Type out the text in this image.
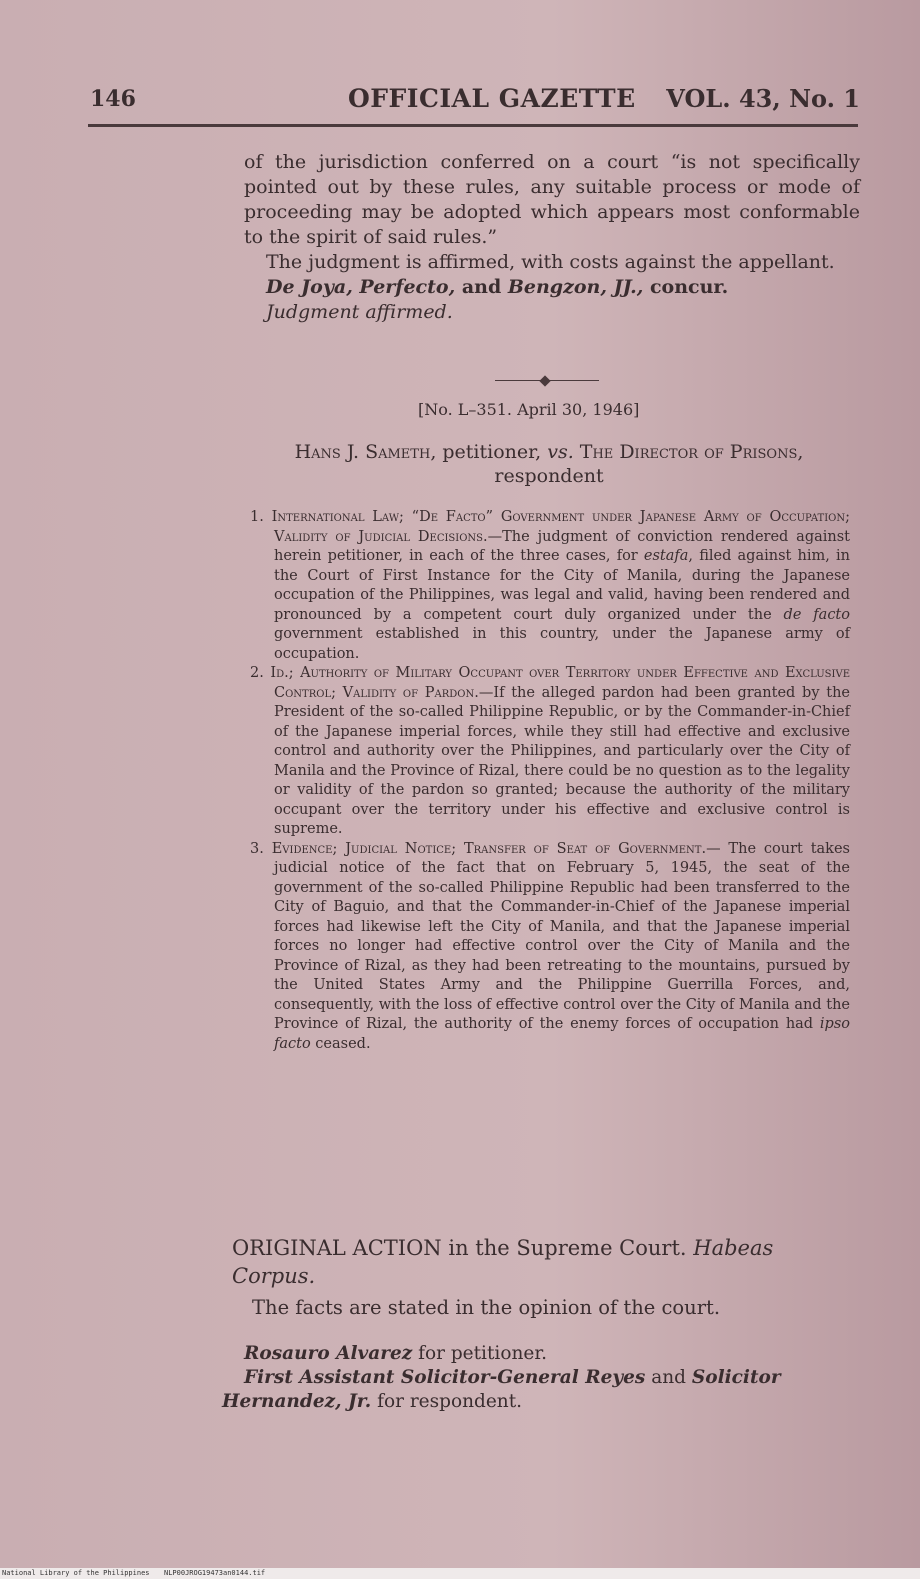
146	OFFICIAL GAZETTE VOL. 43, No. 1

of the jurisdiction conferred on a court “is not specifically pointed out by these rules, any suitable process or mode of proceeding may be adopted which appears most conformable to the spirit of said rules.”

The judgment is affirmed, with costs against the appellant.

De Joya, Perfecto, and Bengzon, JJ., concur.

Judgment affirmed.

[No. L–351. April 30, 1946]
Hans J. Sameth, petitioner, vs. The Director of Prisons, respondent

1. International Law; “De Facto” Government under Japanese Army of Occupation; Validity of Judicial Decisions.—The judgment of conviction rendered against herein petitioner, in each of the three cases, for estafa, filed against him, in the Court of First Instance for the City of Manila, during the Japanese occupation of the Philippines, was legal and valid, having been rendered and pronounced by a competent court duly organized under the de facto government established in this country, under the Japanese army of occupation.

2. Id.; Authority of Military Occupant over Territory under Effective and Exclusive Control; Validity of Pardon.—If the alleged pardon had been granted by the President of the so-called Philippine Republic, or by the Commander-in-Chief of the Japanese imperial forces, while they still had effective and exclusive control and authority over the Philippines, and particularly over the City of Manila and the Province of Rizal, there could be no question as to the legality or validity of the pardon so granted; because the authority of the military occupant over the territory under his effective and exclusive control is supreme.

3. Evidence; Judicial Notice; Transfer of Seat of Government.— The court takes judicial notice of the fact that on February 5, 1945, the seat of the government of the so-called Philippine Republic had been transferred to the City of Baguio, and that the Commander-in-Chief of the Japanese imperial forces had likewise left the City of Manila, and that the Japanese imperial forces no longer had effective control over the City of Manila and the Province of Rizal, as they had been retreating to the mountains, pursued by the United States Army and the Philippine Guerrilla Forces, and, consequently, with the loss of effective control over the City of Manila and the Province of Rizal, the authority of the enemy forces of occupation had ipso facto ceased.

ORIGINAL ACTION in the Supreme Court. Habeas Corpus.
The facts are stated in the opinion of the court.

Rosauro Alvarez for petitioner.

First Assistant Solicitor-General Reyes and Solicitor Hernandez, Jr. for respondent.

National Library of the Philippines NLP00JROG19473an0144.tif
